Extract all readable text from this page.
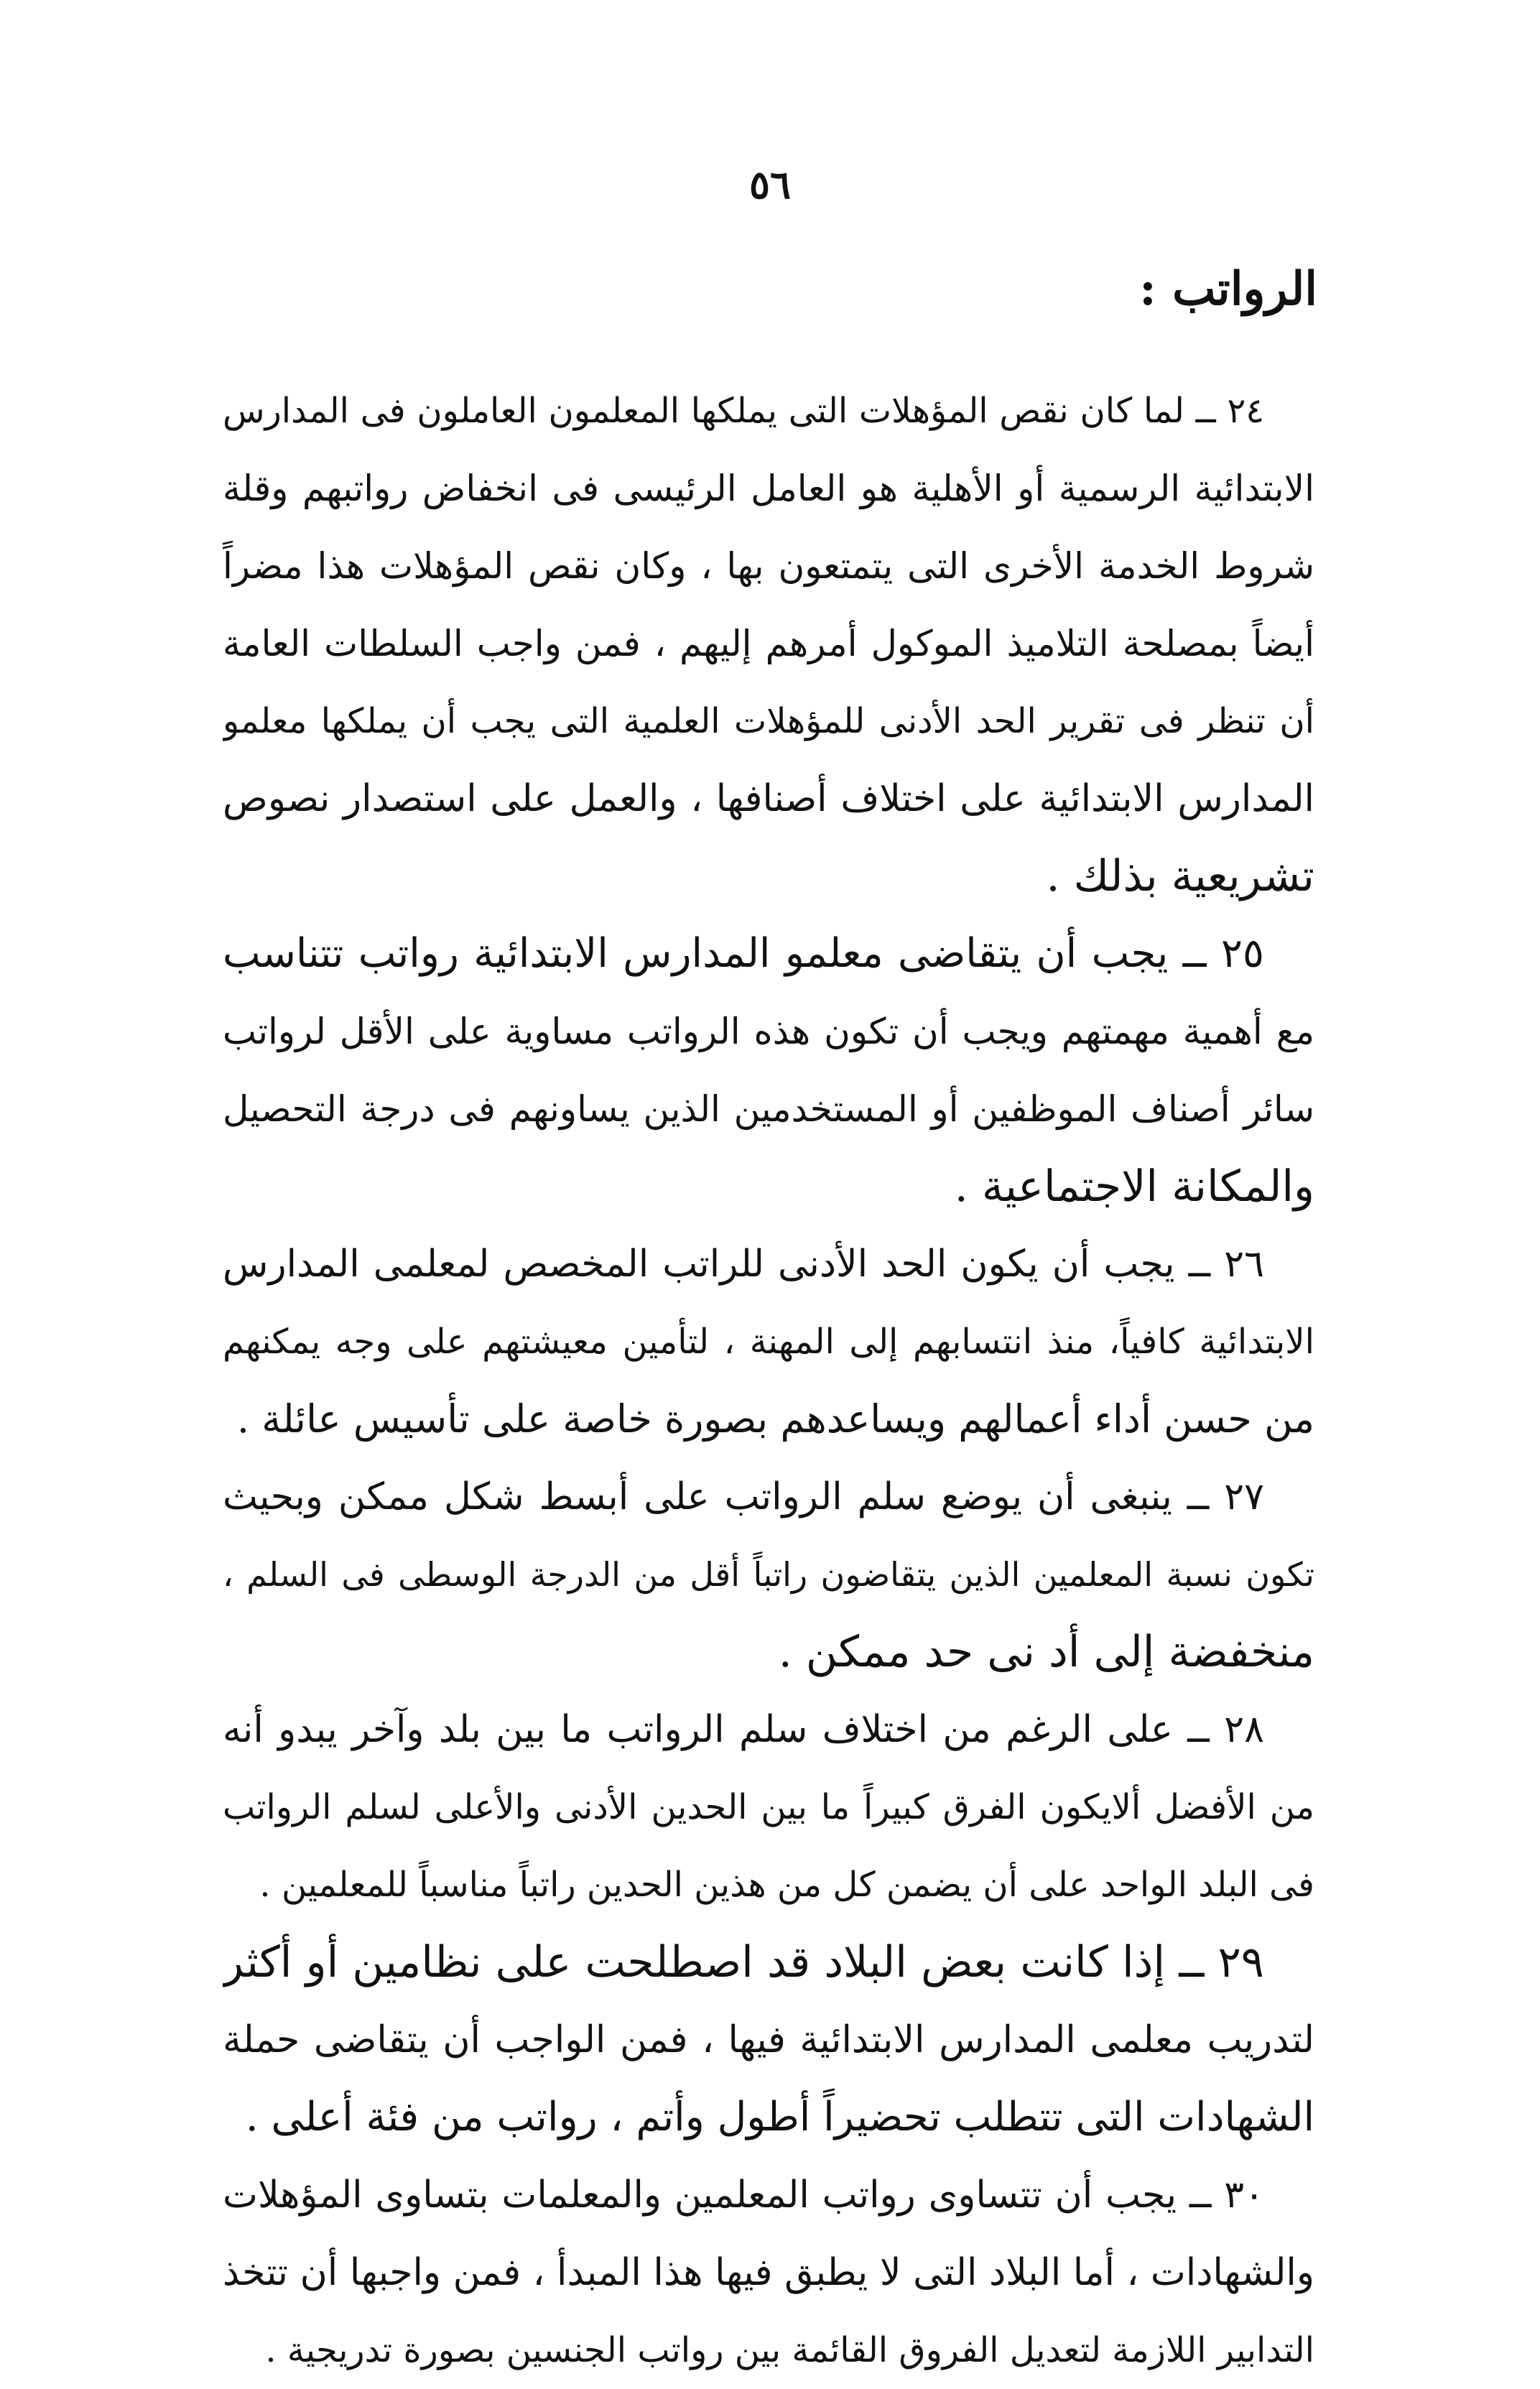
٥٦
الرواتب :
٢٤ ــ لما كان نقص المؤهلات التى يملكها المعلمون العاملون فى المدارس
الابتدائية الرسمية أو الأهلية هو العامل الرئيسى فى انخفاض رواتبهم وقلة
شروط الخدمة الأخرى التى يتمتعون بها ، وكان نقص المؤهلات هذا مضراً
أيضاً بمصلحة التلاميذ الموكول أمرهم إليهم ، فمن واجب السلطات العامة
أن تنظر فى تقرير الحد الأدنى للمؤهلات العلمية التى يجب أن يملكها معلمو
المدارس الابتدائية على اختلاف أصنافها ، والعمل على استصدار نصوص
تشريعية بذلك .
٢٥ ــ يجب أن يتقاضى معلمو المدارس الابتدائية رواتب تتناسب
مع أهمية مهمتهم ويجب أن تكون هذه الرواتب مساوية على الأقل لرواتب
سائر أصناف الموظفين أو المستخدمين الذين يساونهم فى درجة التحصيل
والمكانة الاجتماعية .
٢٦ ــ يجب أن يكون الحد الأدنى للراتب المخصص لمعلمى المدارس
الابتدائية كافياً، منذ انتسابهم إلى المهنة ، لتأمين معيشتهم على وجه يمكنهم
من حسن أداء أعمالهم ويساعدهم بصورة خاصة على تأسيس عائلة .
٢٧ ــ ينبغى أن يوضع سلم الرواتب على أبسط شكل ممكن وبحيث
تكون نسبة المعلمين الذين يتقاضون راتباً أقل من الدرجة الوسطى فى السلم ،
منخفضة إلى أد نى حد ممكن .
٢٨ ــ على الرغم من اختلاف سلم الرواتب ما بين بلد وآخر يبدو أنه
من الأفضل ألايكون الفرق كبيراً ما بين الحدين الأدنى والأعلى لسلم الرواتب
فى البلد الواحد على أن يضمن كل من هذين الحدين راتباً مناسباً للمعلمين .
٢٩ ــ إذا كانت بعض البلاد قد اصطلحت على نظامين أو أكثر
لتدريب معلمى المدارس الابتدائية فيها ، فمن الواجب أن يتقاضى حملة
الشهادات التى تتطلب تحضيراً أطول وأتم ، رواتب من فئة أعلى .
٣٠ ــ يجب أن تتساوى رواتب المعلمين والمعلمات بتساوى المؤهلات
والشهادات ، أما البلاد التى لا يطبق فيها هذا المبدأ ، فمن واجبها أن تتخذ
التدابير اللازمة لتعديل الفروق القائمة بين رواتب الجنسين بصورة تدريجية .
